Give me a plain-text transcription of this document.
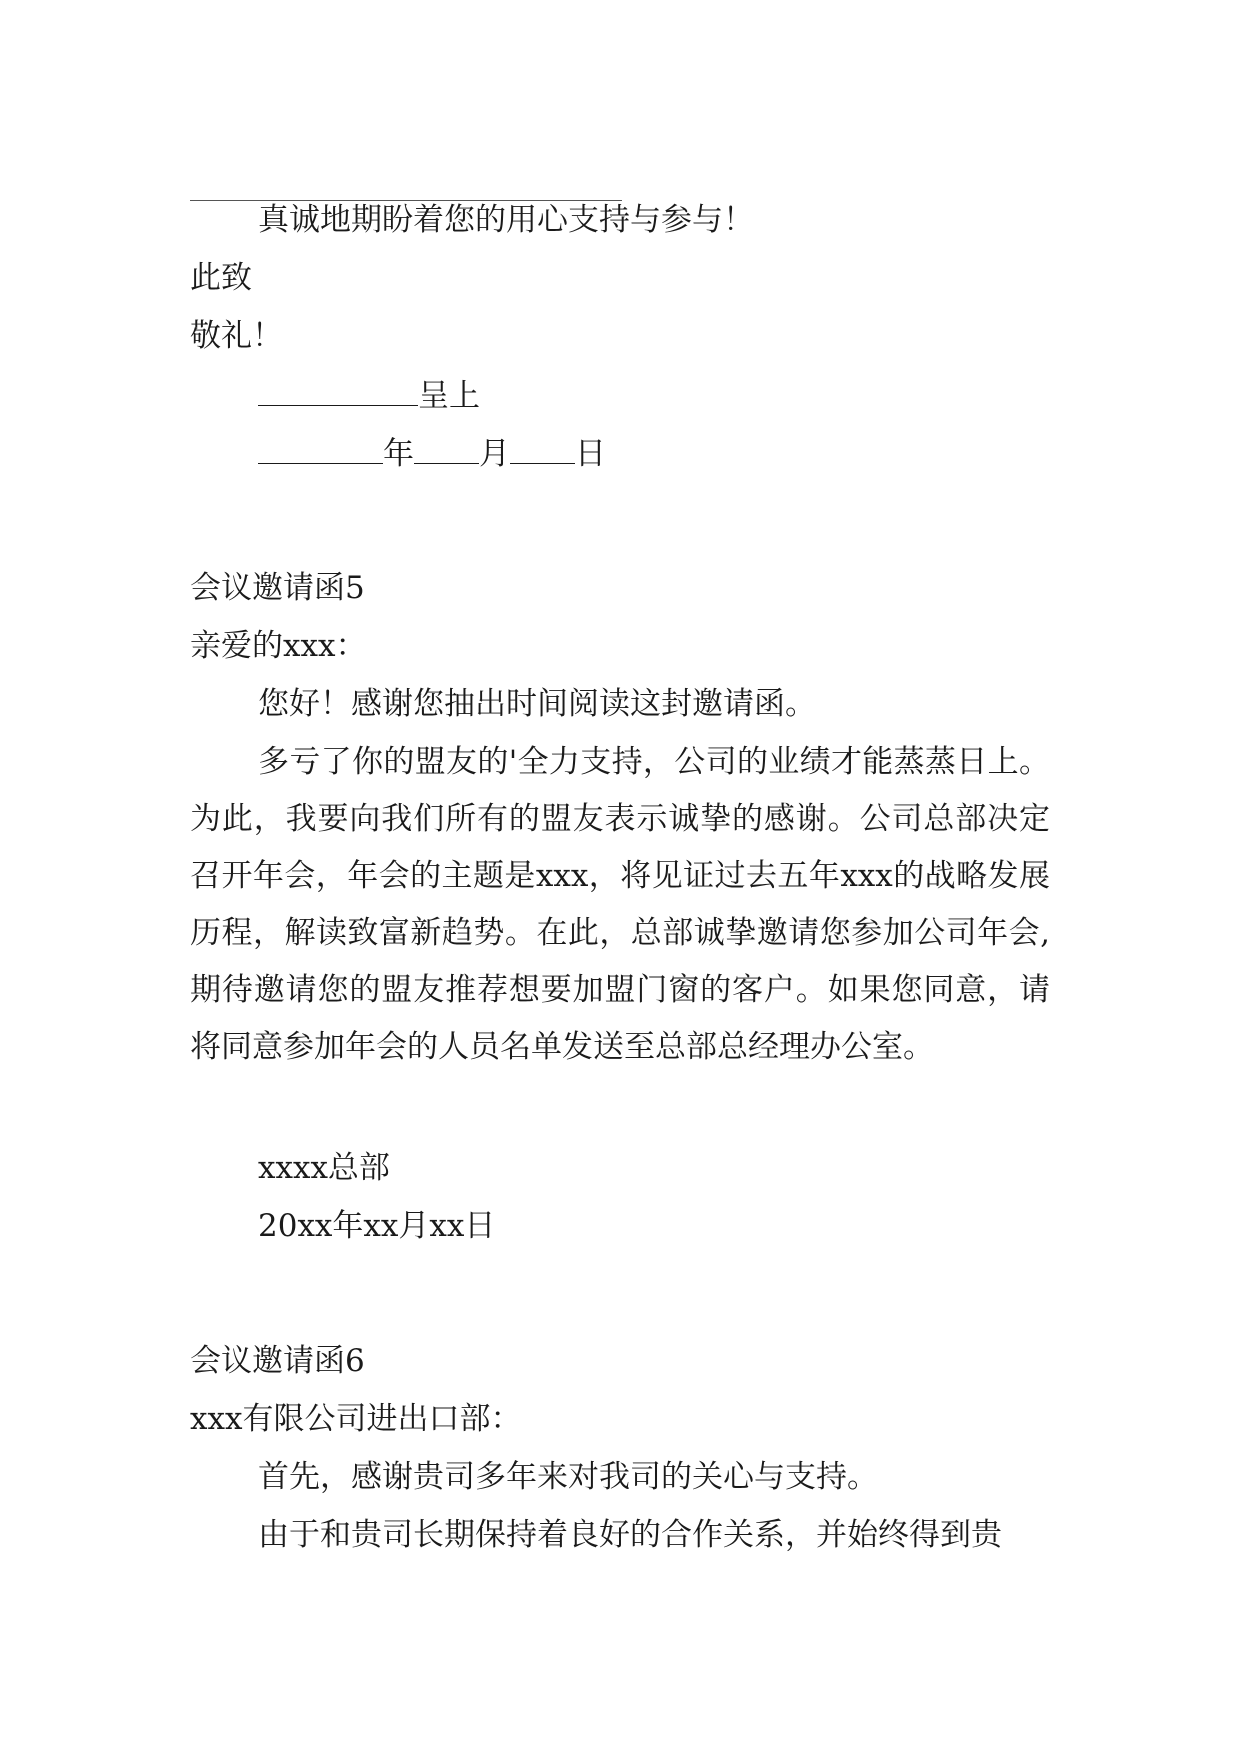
真诚地期盼着您的用心支持与参与！

此致

敬礼！

呈上

年 月 日

会议邀请函5

亲爱的xxx：

您好！感谢您抽出时间阅读这封邀请函。

多亏了你的盟友的'全力支持，公司的业绩才能蒸蒸日上。为此，我要向我们所有的盟友表示诚挚的感谢。公司总部决定召开年会，年会的主题是xxx，将见证过去五年xxx的战略发展历程，解读致富新趋势。在此，总部诚挚邀请您参加公司年会,期待邀请您的盟友推荐想要加盟门窗的客户。如果您同意，请将同意参加年会的人员名单发送至总部总经理办公室。

xxxx总部

20xx年xx月xx日

会议邀请函6

xxx有限公司进出口部：

首先，感谢贵司多年来对我司的关心与支持。

由于和贵司长期保持着良好的合作关系，并始终得到贵
